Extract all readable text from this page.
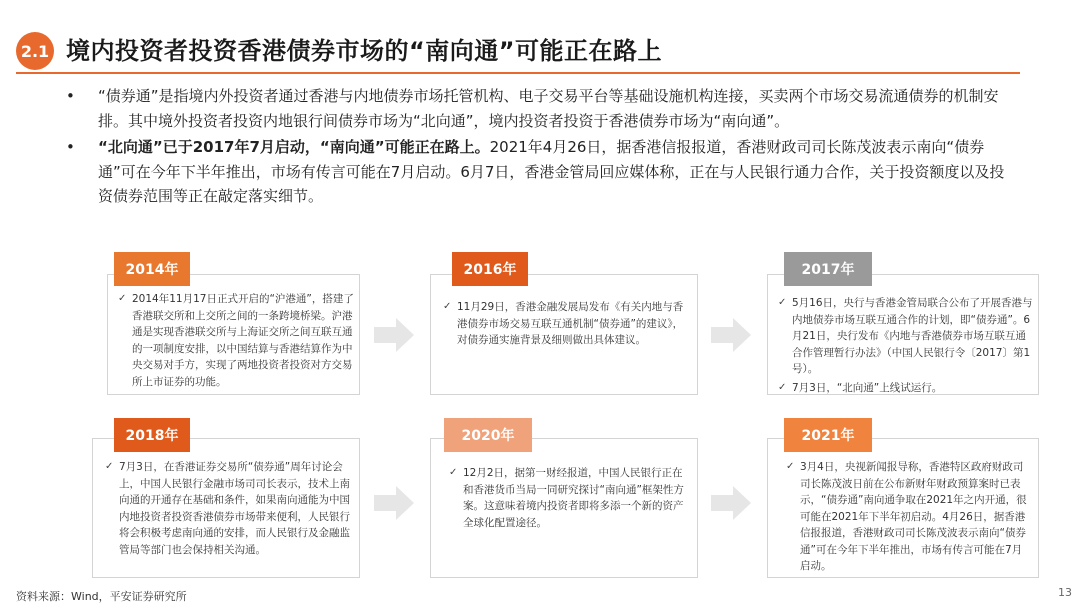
2.1 境内投资者投资香港债券市场的“南向通”可能正在路上
• “债券通”是指境内外投资者通过香港与内地债券市场托管机构、电子交易平台等基础设施机构连接，买卖两个市场交易流通债券的机制安排。其中境外投资者投资内地银行间债券市场为“北向通”，境内投资者投资于香港债券市场为“南向通”。
• “北向通”已于2017年7月启动，“南向通”可能正在路上。2021年4月26日，据香港信报报道，香港财政司司长陈茂波表示南向“债券通”可在今年下半年推出，市场有传言可能在7月启动。6月7日，香港金管局回应媒体称，正在与人民银行通力合作，关于投资额度以及投资债券范围等正在敲定落实细节。
✓ 2014年11月17日正式开启的“沪港通”，搭建了香港联交所和上交所之间的一条跨境桥梁。沪港通是实现香港联交所与上海证交所之间互联互通的一项制度安排，以中国结算与香港结算作为中央交易对手方，实现了两地投资者投资对方交易所上市证券的功能。
2014年
✓ 11月29日，香港金融发展局发布《有关内地与香港债券市场交易互联互通机制“债券通”的建议》，对债券通实施背景及细则做出具体建议。
2016年
✓ 5月16日，央行与香港金管局联合公布了开展香港与内地债券市场互联互通合作的计划，即“债券通”。6月21日，央行发布《内地与香港债券市场互联互通合作管理暂行办法》（中国人民银行令〔2017〕第1号）。
✓ 7月3日，“北向通”上线试运行。
2017年
✓ 7月3日，在香港证券交易所“债券通”周年讨论会上，中国人民银行金融市场司司长表示，技术上南向通的开通存在基础和条件，如果南向通能为中国内地投资者投资香港债券市场带来便利，人民银行将会积极考虑南向通的安排，而人民银行及金融监管局等部门也会保持相关沟通。
2018年
✓ 12月2日，据第一财经报道，中国人民银行正在和香港货币当局一同研究探讨“南向通”框架性方案。这意味着境内投资者即将多添一个新的资产全球化配置途径。
2020年
✓ 3月4日，央视新闻报导称，香港特区政府财政司司长陈茂波日前在公布新财年财政预算案时已表示，“债券通”南向通争取在2021年之内开通，很可能在2021年下半年初启动。4月26日，据香港信报报道，香港财政司司长陈茂波表示南向“债券通”可在今年下半年推出，市场有传言可能在7月启动。
2021年
资料来源：Wind，平安证券研究所	13
